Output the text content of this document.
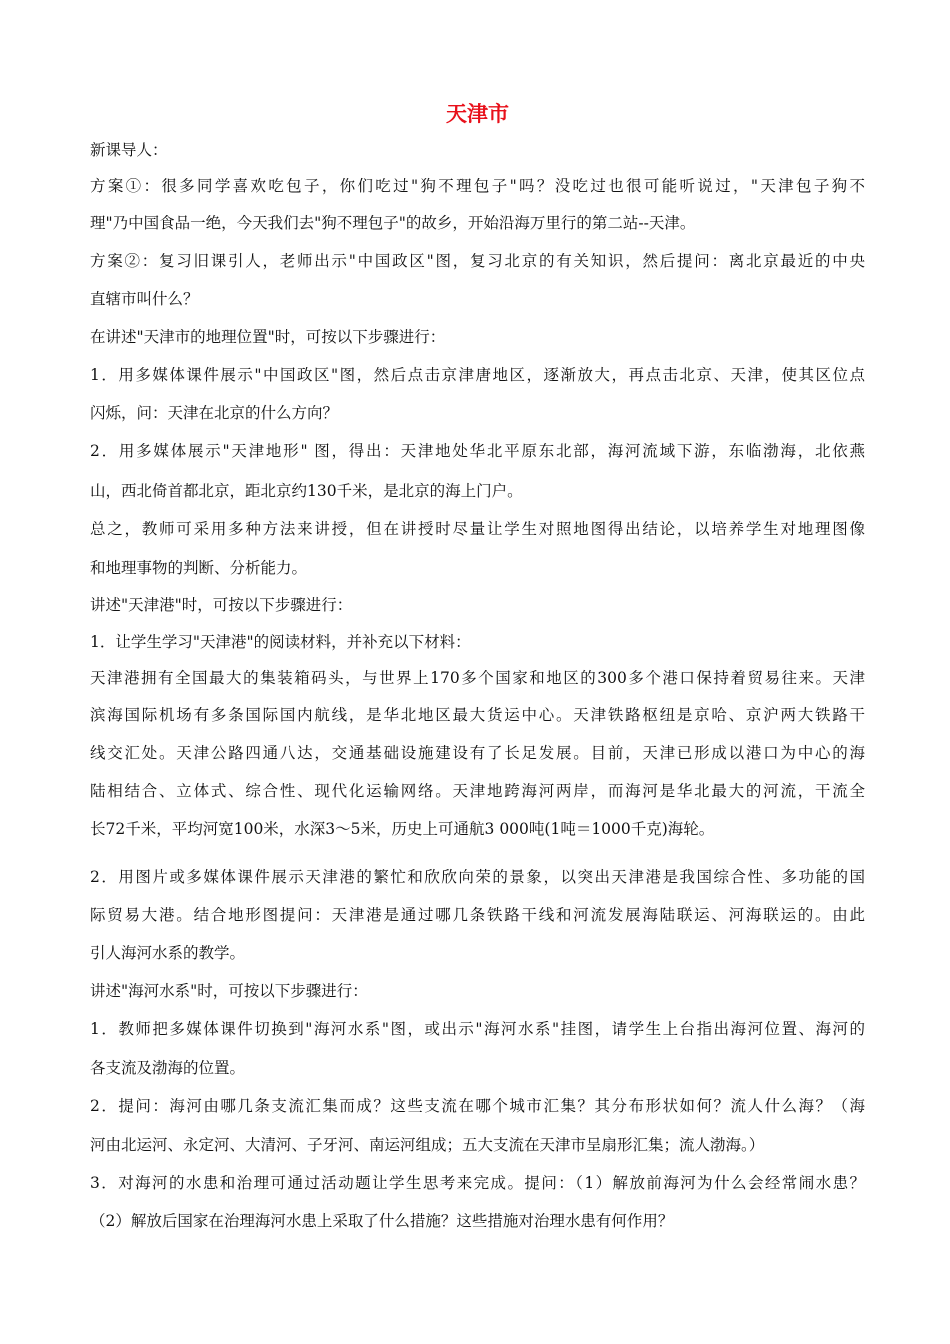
天津市
新课导人：
方案①：很多同学喜欢吃包子，你们吃过"狗不理包子"吗？没吃过也很可能听说过，"天津包子狗不
理"乃中国食品一绝，今天我们去"狗不理包子"的故乡，开始沿海万里行的第二站--天津。
方案②：复习旧课引人，老师出示"中国政区"图，复习北京的有关知识，然后提问：离北京最近的中央
直辖市叫什么？
在讲述"天津市的地理位置"时，可按以下步骤进行：
1．用多媒体课件展示"中国政区"图，然后点击京津唐地区，逐渐放大，再点击北京、天津，使其区位点
闪烁，问：天津在北京的什么方向？
2．用多媒体展示"天津地形" 图，得出：天津地处华北平原东北部，海河流域下游，东临渤海，北依燕
山，西北倚首都北京，距北京约130千米，是北京的海上门户。
总之，教师可采用多种方法来讲授，但在讲授时尽量让学生对照地图得出结论，以培养学生对地理图像
和地理事物的判断、分析能力。
讲述"天津港"时，可按以下步骤进行：
1．让学生学习"天津港"的阅读材料，并补充以下材料：
天津港拥有全国最大的集装箱码头，与世界上170多个国家和地区的300多个港口保持着贸易往来。天津
滨海国际机场有多条国际国内航线，是华北地区最大货运中心。天津铁路枢纽是京哈、京沪两大铁路干
线交汇处。天津公路四通八达，交通基础设施建设有了长足发展。目前，天津已形成以港口为中心的海
陆相结合、立体式、综合性、现代化运输网络。天津地跨海河两岸，而海河是华北最大的河流，干流全
长72千米，平均河宽100米，水深3～5米，历史上可通航3 000吨(1吨＝1000千克)海轮。
2．用图片或多媒体课件展示天津港的繁忙和欣欣向荣的景象，以突出天津港是我国综合性、多功能的国
际贸易大港。结合地形图提问：天津港是通过哪几条铁路干线和河流发展海陆联运、河海联运的。由此
引人海河水系的教学。
讲述"海河水系"时，可按以下步骤进行：
1．教师把多媒体课件切换到"海河水系"图，或出示"海河水系"挂图，请学生上台指出海河位置、海河的
各支流及渤海的位置。
2．提问：海河由哪几条支流汇集而成？这些支流在哪个城市汇集？其分布形状如何？流人什么海？（海
河由北运河、永定河、大清河、子牙河、南运河组成；五大支流在天津市呈扇形汇集；流人渤海。）
3．对海河的水患和治理可通过活动题让学生思考来完成。提问：（1）解放前海河为什么会经常闹水患？
（2）解放后国家在治理海河水患上采取了什么措施？这些措施对治理水患有何作用？
